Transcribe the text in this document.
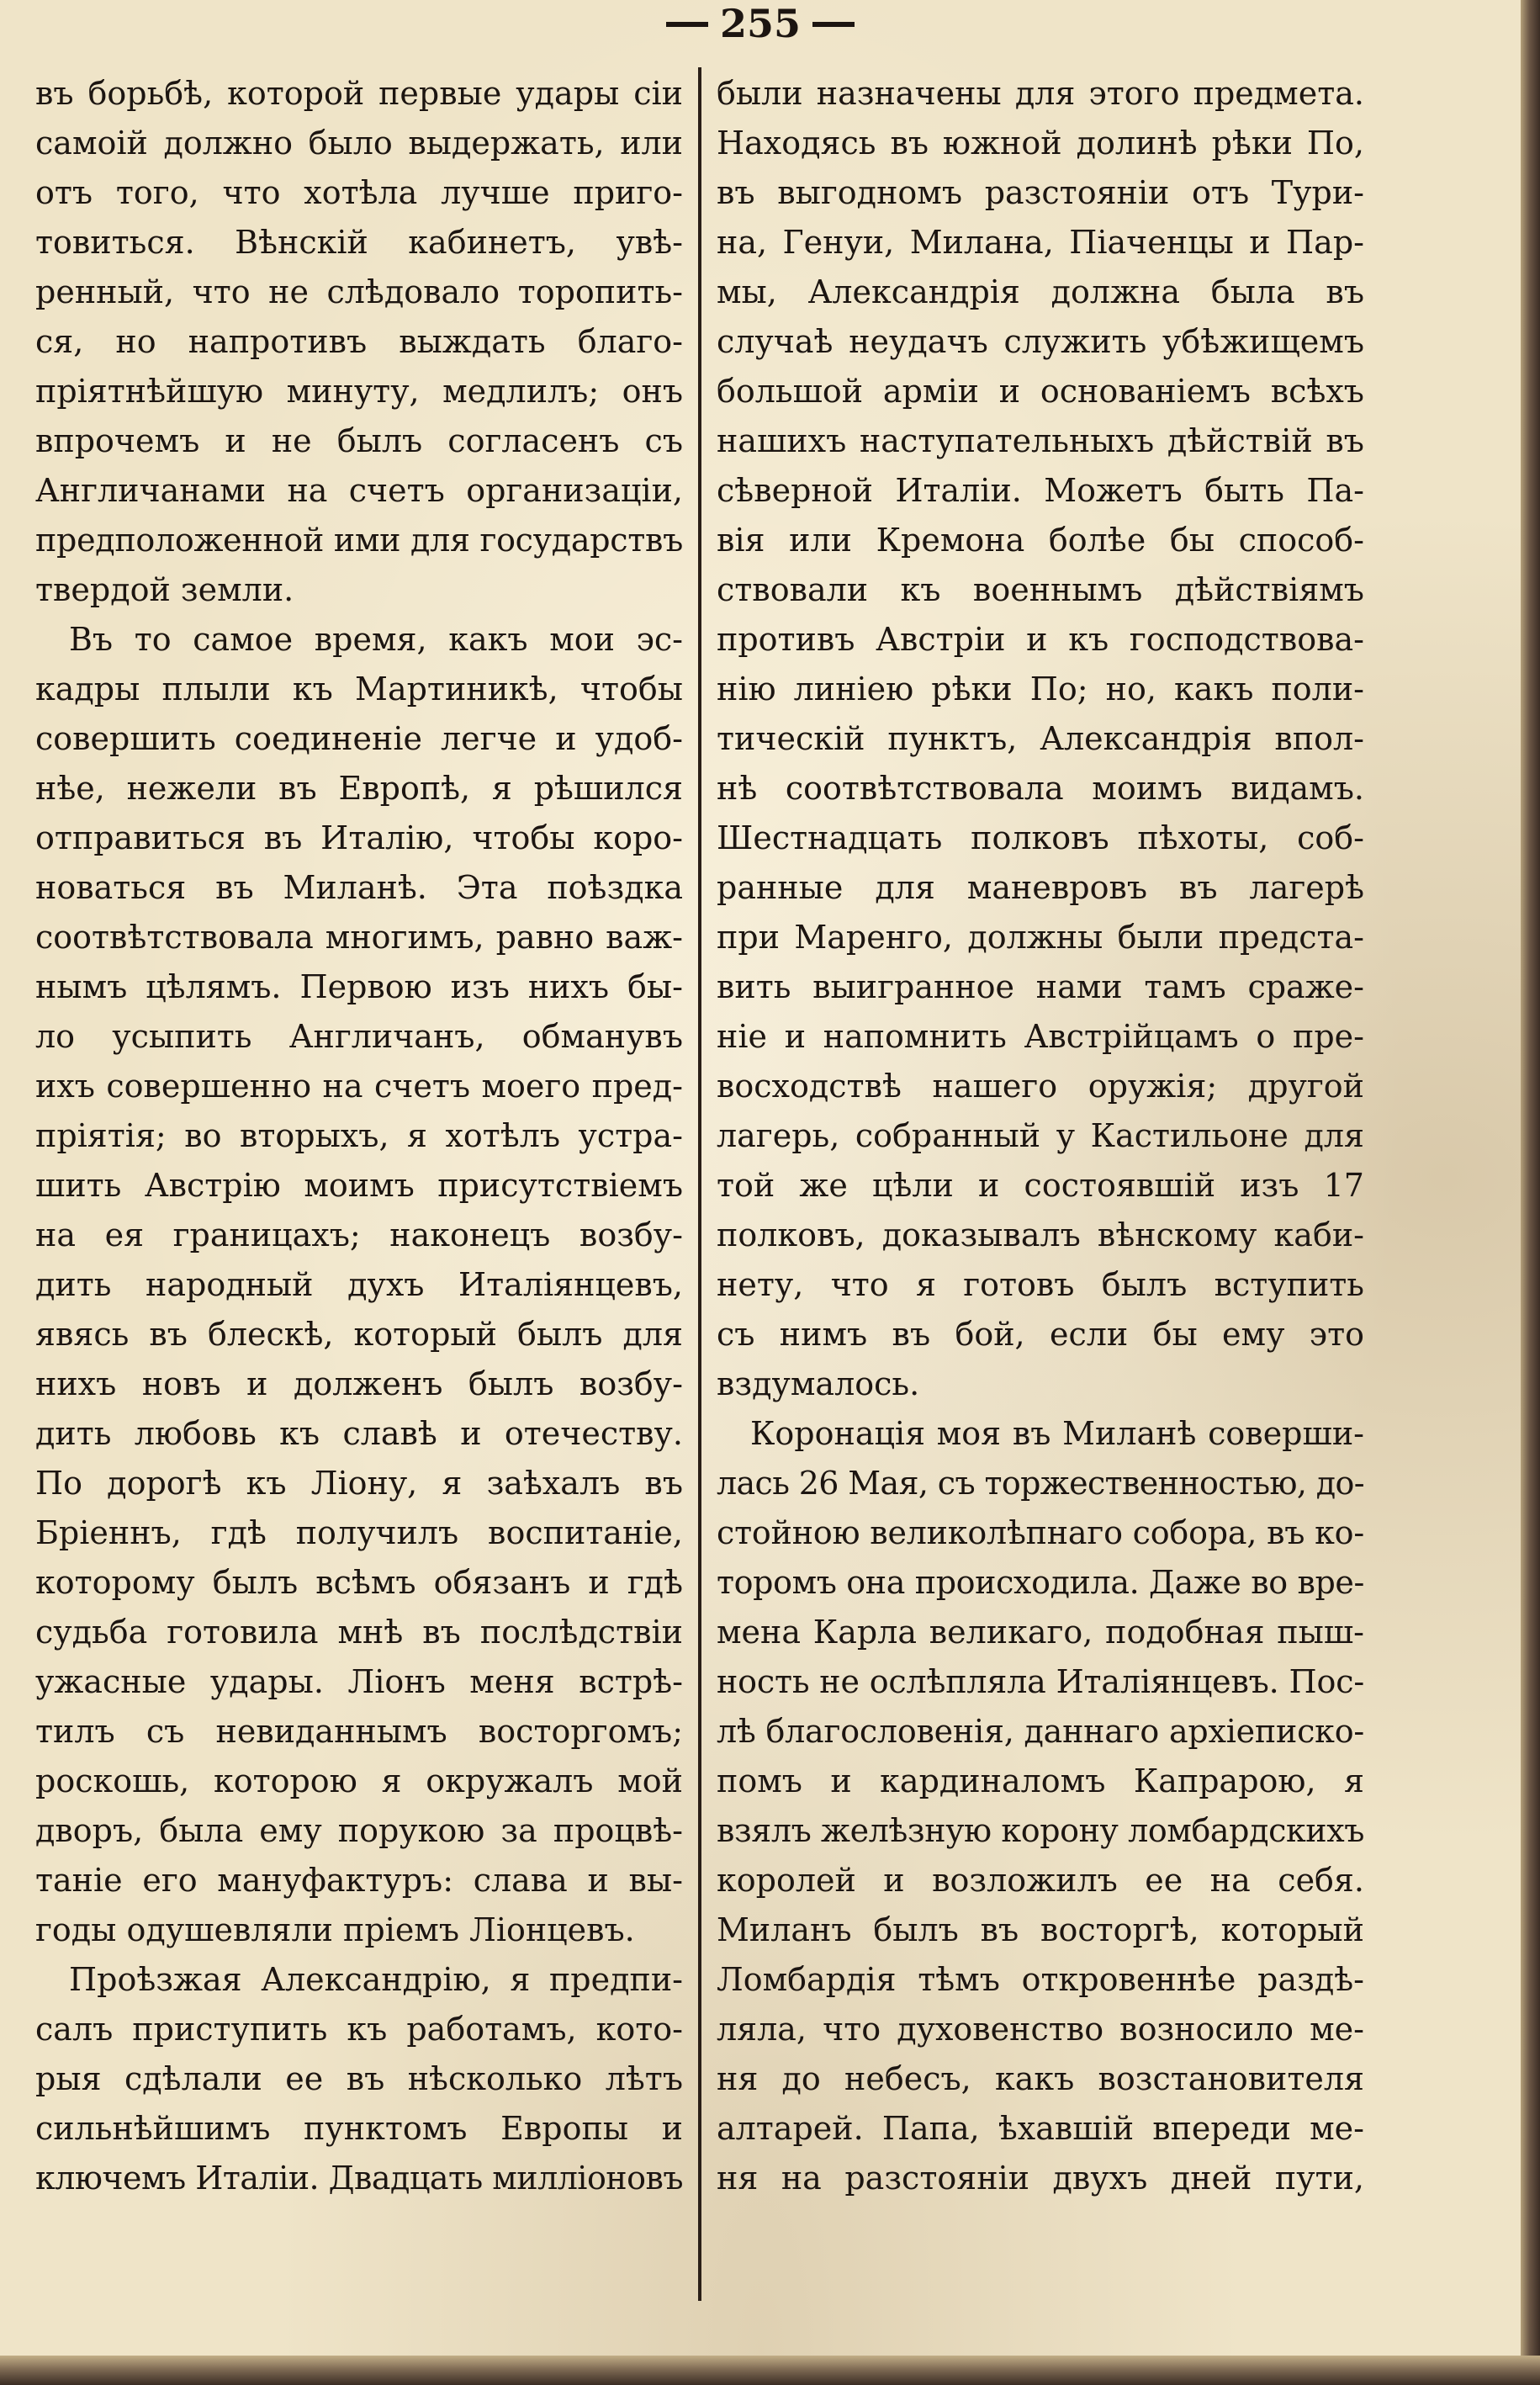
255
въ борьбѣ, которой первые удары сiи
самоiй должно было выдержать, или
отъ того, что хотѣла лучше приго-
товиться. Вѣнскiй кабинетъ, увѣ-
ренный, что не слѣдовало торопить-
ся, но напротивъ выждать благо-
прiятнѣйшую минуту, медлилъ; онъ
впрочемъ и не былъ согласенъ съ
Англичанами на счетъ организацiи,
предположенной ими для государствъ
твердой земли.
Въ то самое время, какъ мои эс-
кадры плыли къ Мартиникѣ, чтобы
совершить соединенiе легче и удоб-
нѣе, нежели въ Европѣ, я рѣшился
отправиться въ Италiю, чтобы коро-
новаться въ Миланѣ. Эта поѣздка
соотвѣтствовала многимъ, равно важ-
нымъ цѣлямъ. Первою изъ нихъ бы-
ло усыпить Англичанъ, обманувъ
ихъ совершенно на счетъ моего пред-
прiятiя; во вторыхъ, я хотѣлъ устра-
шить Австрiю моимъ присутствiемъ
на ея границахъ; наконецъ возбу-
дить народный духъ Италiянцевъ,
явясь въ блескѣ, который былъ для
нихъ новъ и долженъ былъ возбу-
дить любовь къ славѣ и отечеству.
По дорогѣ къ Лiону, я заѣхалъ въ
Брiеннъ, гдѣ получилъ воспитанiе,
которому былъ всѣмъ обязанъ и гдѣ
судьба готовила мнѣ въ послѣдствiи
ужасные удары. Лiонъ меня встрѣ-
тилъ съ невиданнымъ восторгомъ;
роскошь, которою я окружалъ мой
дворъ, была ему порукою за процвѣ-
танiе его мануфактуръ: слава и вы-
годы одушевляли прiемъ Лiонцевъ.
Проѣзжая Александрiю, я предпи-
салъ приступить къ работамъ, кото-
рыя сдѣлали ее въ нѣсколько лѣтъ
сильнѣйшимъ пунктомъ Европы и
ключемъ Италiи. Двадцать миллiоновъ
были назначены для этого предмета.
Находясь въ южной долинѣ рѣки По,
въ выгодномъ разстоянiи отъ Тури-
на, Генуи, Милана, Пiаченцы и Пар-
мы, Александрiя должна была въ
случаѣ неудачъ служить убѣжищемъ
большой армiи и основанiемъ всѣхъ
нашихъ наступательныхъ дѣйствiй въ
сѣверной Италiи. Можетъ быть Па-
вiя или Кремона болѣе бы способ-
ствовали къ военнымъ дѣйствiямъ
противъ Австрiи и къ господствова-
нiю линiею рѣки По; но, какъ поли-
тическiй пунктъ, Александрiя впол-
нѣ соотвѣтствовала моимъ видамъ.
Шестнадцать полковъ пѣхоты, соб-
ранные для маневровъ въ лагерѣ
при Маренго, должны были предста-
вить выигранное нами тамъ сраже-
нiе и напомнить Австрiйцамъ о пре-
восходствѣ нашего оружiя; другой
лагерь, собранный у Кастильоне для
той же цѣли и состоявшiй изъ 17
полковъ, доказывалъ вѣнскому каби-
нету, что я готовъ былъ вступить
съ нимъ въ бой, если бы ему это
вздумалось.
Коронацiя моя въ Миланѣ соверши-
лась 26 Мая, съ торжественностью, до-
стойною великолѣпнаго собора, въ ко-
торомъ она происходила. Даже во вре-
мена Карла великаго, подобная пыш-
ность не ослѣпляла Италiянцевъ. Пос-
лѣ благословенiя, даннаго архiеписко-
помъ и кардиналомъ Капрарою, я
взялъ желѣзную корону ломбардскихъ
королей и возложилъ ее на себя.
Миланъ былъ въ восторгѣ, который
Ломбардiя тѣмъ откровеннѣе раздѣ-
ляла, что духовенство возносило ме-
ня до небесъ, какъ возстановителя
алтарей. Папа, ѣхавшiй впереди ме-
ня на разстоянiи двухъ дней пути,
